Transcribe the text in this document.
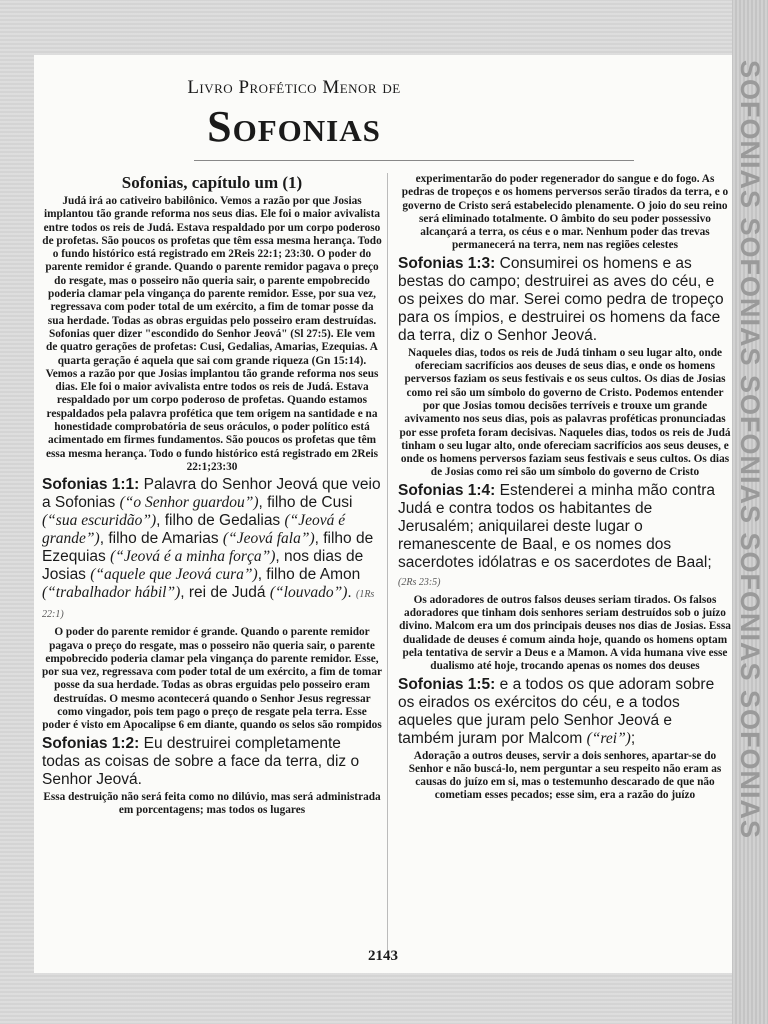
SOFONIAS SOFONIAS SOFONIAS SOFONIAS SOFONIAS
Livro Profético Menor de
Sofonias
Sofonias, capítulo um (1)

Judá irá ao cativeiro babilônico. Vemos a razão por que Josias implantou tão grande reforma nos seus dias. Ele foi o maior avivalista entre todos os reis de Judá. Estava respaldado por um corpo poderoso de profetas. São poucos os profetas que têm essa mesma herança. Todo o fundo histórico está registrado em 2Reis 22:1; 23:30. O poder do parente remidor é grande. Quando o parente remidor pagava o preço do resgate, mas o posseiro não queria sair, o parente empobrecido poderia clamar pela vingança do parente remidor. Esse, por sua vez, regressava com poder total de um exército, a fim de tomar posse da sua herdade. Todas as obras erguidas pelo posseiro eram destruídas. Sofonias quer dizer "escondido do Senhor Jeová" (Sl 27:5). Ele vem de quatro gerações de profetas: Cusi, Gedalias, Amarias, Ezequias. A quarta geração é aquela que sai com grande riqueza (Gn 15:14). Vemos a razão por que Josias implantou tão grande reforma nos seus dias. Ele foi o maior avivalista entre todos os reis de Judá. Estava respaldado por um corpo poderoso de profetas. Quando estamos respaldados pela palavra profética que tem origem na santidade e na honestidade comprobatória de seus oráculos, o poder político está acimentado em firmes fundamentos. São poucos os profetas que têm essa mesma herança. Todo o fundo histórico está registrado em 2Reis 22:1;23:30

Sofonias 1:1: Palavra do Senhor Jeová que veio a Sofonias (“o Senhor guardou”), filho de Cusi (“sua escuridão”), filho de Gedalias (“Jeová é grande”), filho de Amarias (“Jeová fala”), filho de Ezequias (“Jeová é a minha força”), nos dias de Josias (“aquele que Jeová cura”), filho de Amon (“trabalhador hábil”), rei de Judá (“louvado”). (1Rs 22:1)

O poder do parente remidor é grande. Quando o parente remidor pagava o preço do resgate, mas o posseiro não queria sair, o parente empobrecido poderia clamar pela vingança do parente remidor. Esse, por sua vez, regressava com poder total de um exército, a fim de tomar posse da sua herdade. Todas as obras erguidas pelo posseiro eram destruídas. O mesmo acontecerá quando o Senhor Jesus regressar como vingador, pois tem pago o preço de resgate pela terra. Esse poder é visto em Apocalipse 6 em diante, quando os selos são rompidos

Sofonias 1:2: Eu destruirei completamente todas as coisas de sobre a face da terra, diz o Senhor Jeová.

Essa destruição não será feita como no dilúvio, mas será administrada em porcentagens; mas todos os lugares

experimentarão do poder regenerador do sangue e do fogo. As pedras de tropeços e os homens perversos serão tirados da terra, e o governo de Cristo será estabelecido plenamente. O joio do seu reino será eliminado totalmente. O âmbito do seu poder possessivo alcançará a terra, os céus e o mar. Nenhum poder das trevas permanecerá na terra, nem nas regiões celestes

Sofonias 1:3: Consumirei os homens e as bestas do campo; destruirei as aves do céu, e os peixes do mar. Serei como pedra de tropeço para os ímpios, e destruirei os homens da face da terra, diz o Senhor Jeová.

Naqueles dias, todos os reis de Judá tinham o seu lugar alto, onde ofereciam sacrifícios aos deuses de seus dias, e onde os homens perversos faziam os seus festivais e os seus cultos. Os dias de Josias como rei são um símbolo do governo de Cristo. Podemos entender por que Josias tomou decisões terríveis e trouxe um grande avivamento nos seus dias, pois as palavras proféticas pronunciadas por esse profeta foram decisivas. Naqueles dias, todos os reis de Judá tinham o seu lugar alto, onde ofereciam sacrifícios aos seus deuses, e onde os homens perversos faziam seus festivais e seus cultos. Os dias de Josias como rei são um símbolo do governo de Cristo

Sofonias 1:4: Estenderei a minha mão contra Judá e contra todos os habitantes de Jerusalém; aniquilarei deste lugar o remanescente de Baal, e os nomes dos sacerdotes idólatras e os sacerdotes de Baal; (2Rs 23:5)

Os adoradores de outros falsos deuses seriam tirados. Os falsos adoradores que tinham dois senhores seriam destruídos sob o juízo divino. Malcom era um dos principais deuses nos dias de Josias. Essa dualidade de deuses é comum ainda hoje, quando os homens optam pela tentativa de servir a Deus e a Mamon. A vida humana vive esse dualismo até hoje, trocando apenas os nomes dos deuses

Sofonias 1:5: e a todos os que adoram sobre os eirados os exércitos do céu, e a todos aqueles que juram pelo Senhor Jeová e também juram por Malcom (“rei”);

Adoração a outros deuses, servir a dois senhores, apartar-se do Senhor e não buscá-lo, nem perguntar a seu respeito não eram as causas do juízo em si, mas o testemunho descarado de que não cometiam esses pecados; esse sim, era a razão do juízo

2143
